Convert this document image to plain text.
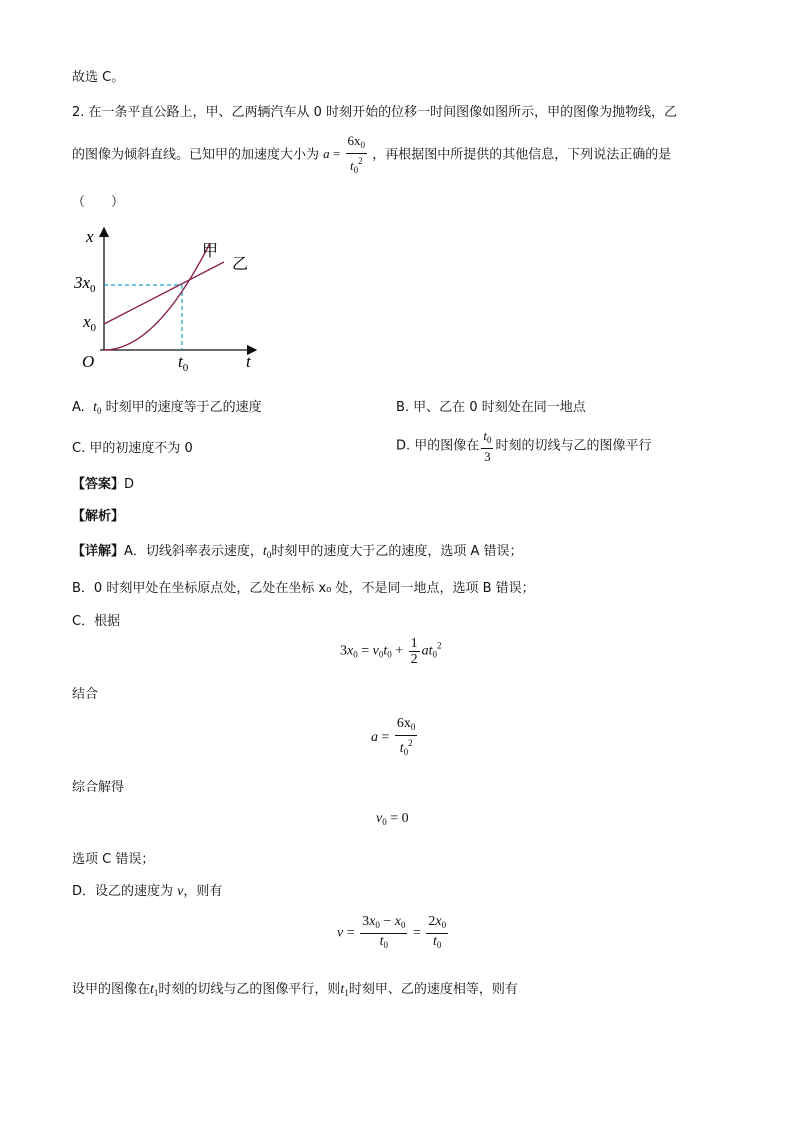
故选 C。
2. 在一条平直公路上，甲、乙两辆汽车从 0 时刻开始的位移一时间图像如图所示，甲的图像为抛物线，乙
的图像为倾斜直线。已知甲的加速度大小为 $a = \frac{6x_0}{t_0^2}$ ，再根据图中所提供的其他信息，下列说法正确的是
（　　）
x
t
O
$3x_0$
$x_0$
$t_0$
甲
乙
A. $t_0$ 时刻甲的速度等于乙的速度	B. 甲、乙在 0 时刻处在同一地点
C. 甲的初速度不为 0	D. 甲的图像在 $\frac{t_0}{3}$ 时刻的切线与乙的图像平行
【答案】D
【解析】
【详解】A．切线斜率表示速度，$t_0$时刻甲的速度大于乙的速度，选项 A 错误；
B．0 时刻甲处在坐标原点处，乙处在坐标 x₀ 处，不是同一地点，选项 B 错误；
C．根据
$3x_0 = v_0t_0 + \frac{1}{2} at_0^2$
结合
$a = \frac{6x_0}{t_0^2}$
综合解得
$v_0 = 0$
选项 C 错误；
D．设乙的速度为 v，则有
$v = \frac{3x_0 - x_0}{t_0} = \frac{2x_0}{t_0}$
设甲的图像在$t_1$时刻的切线与乙的图像平行，则$t_1$时刻甲、乙的速度相等，则有
